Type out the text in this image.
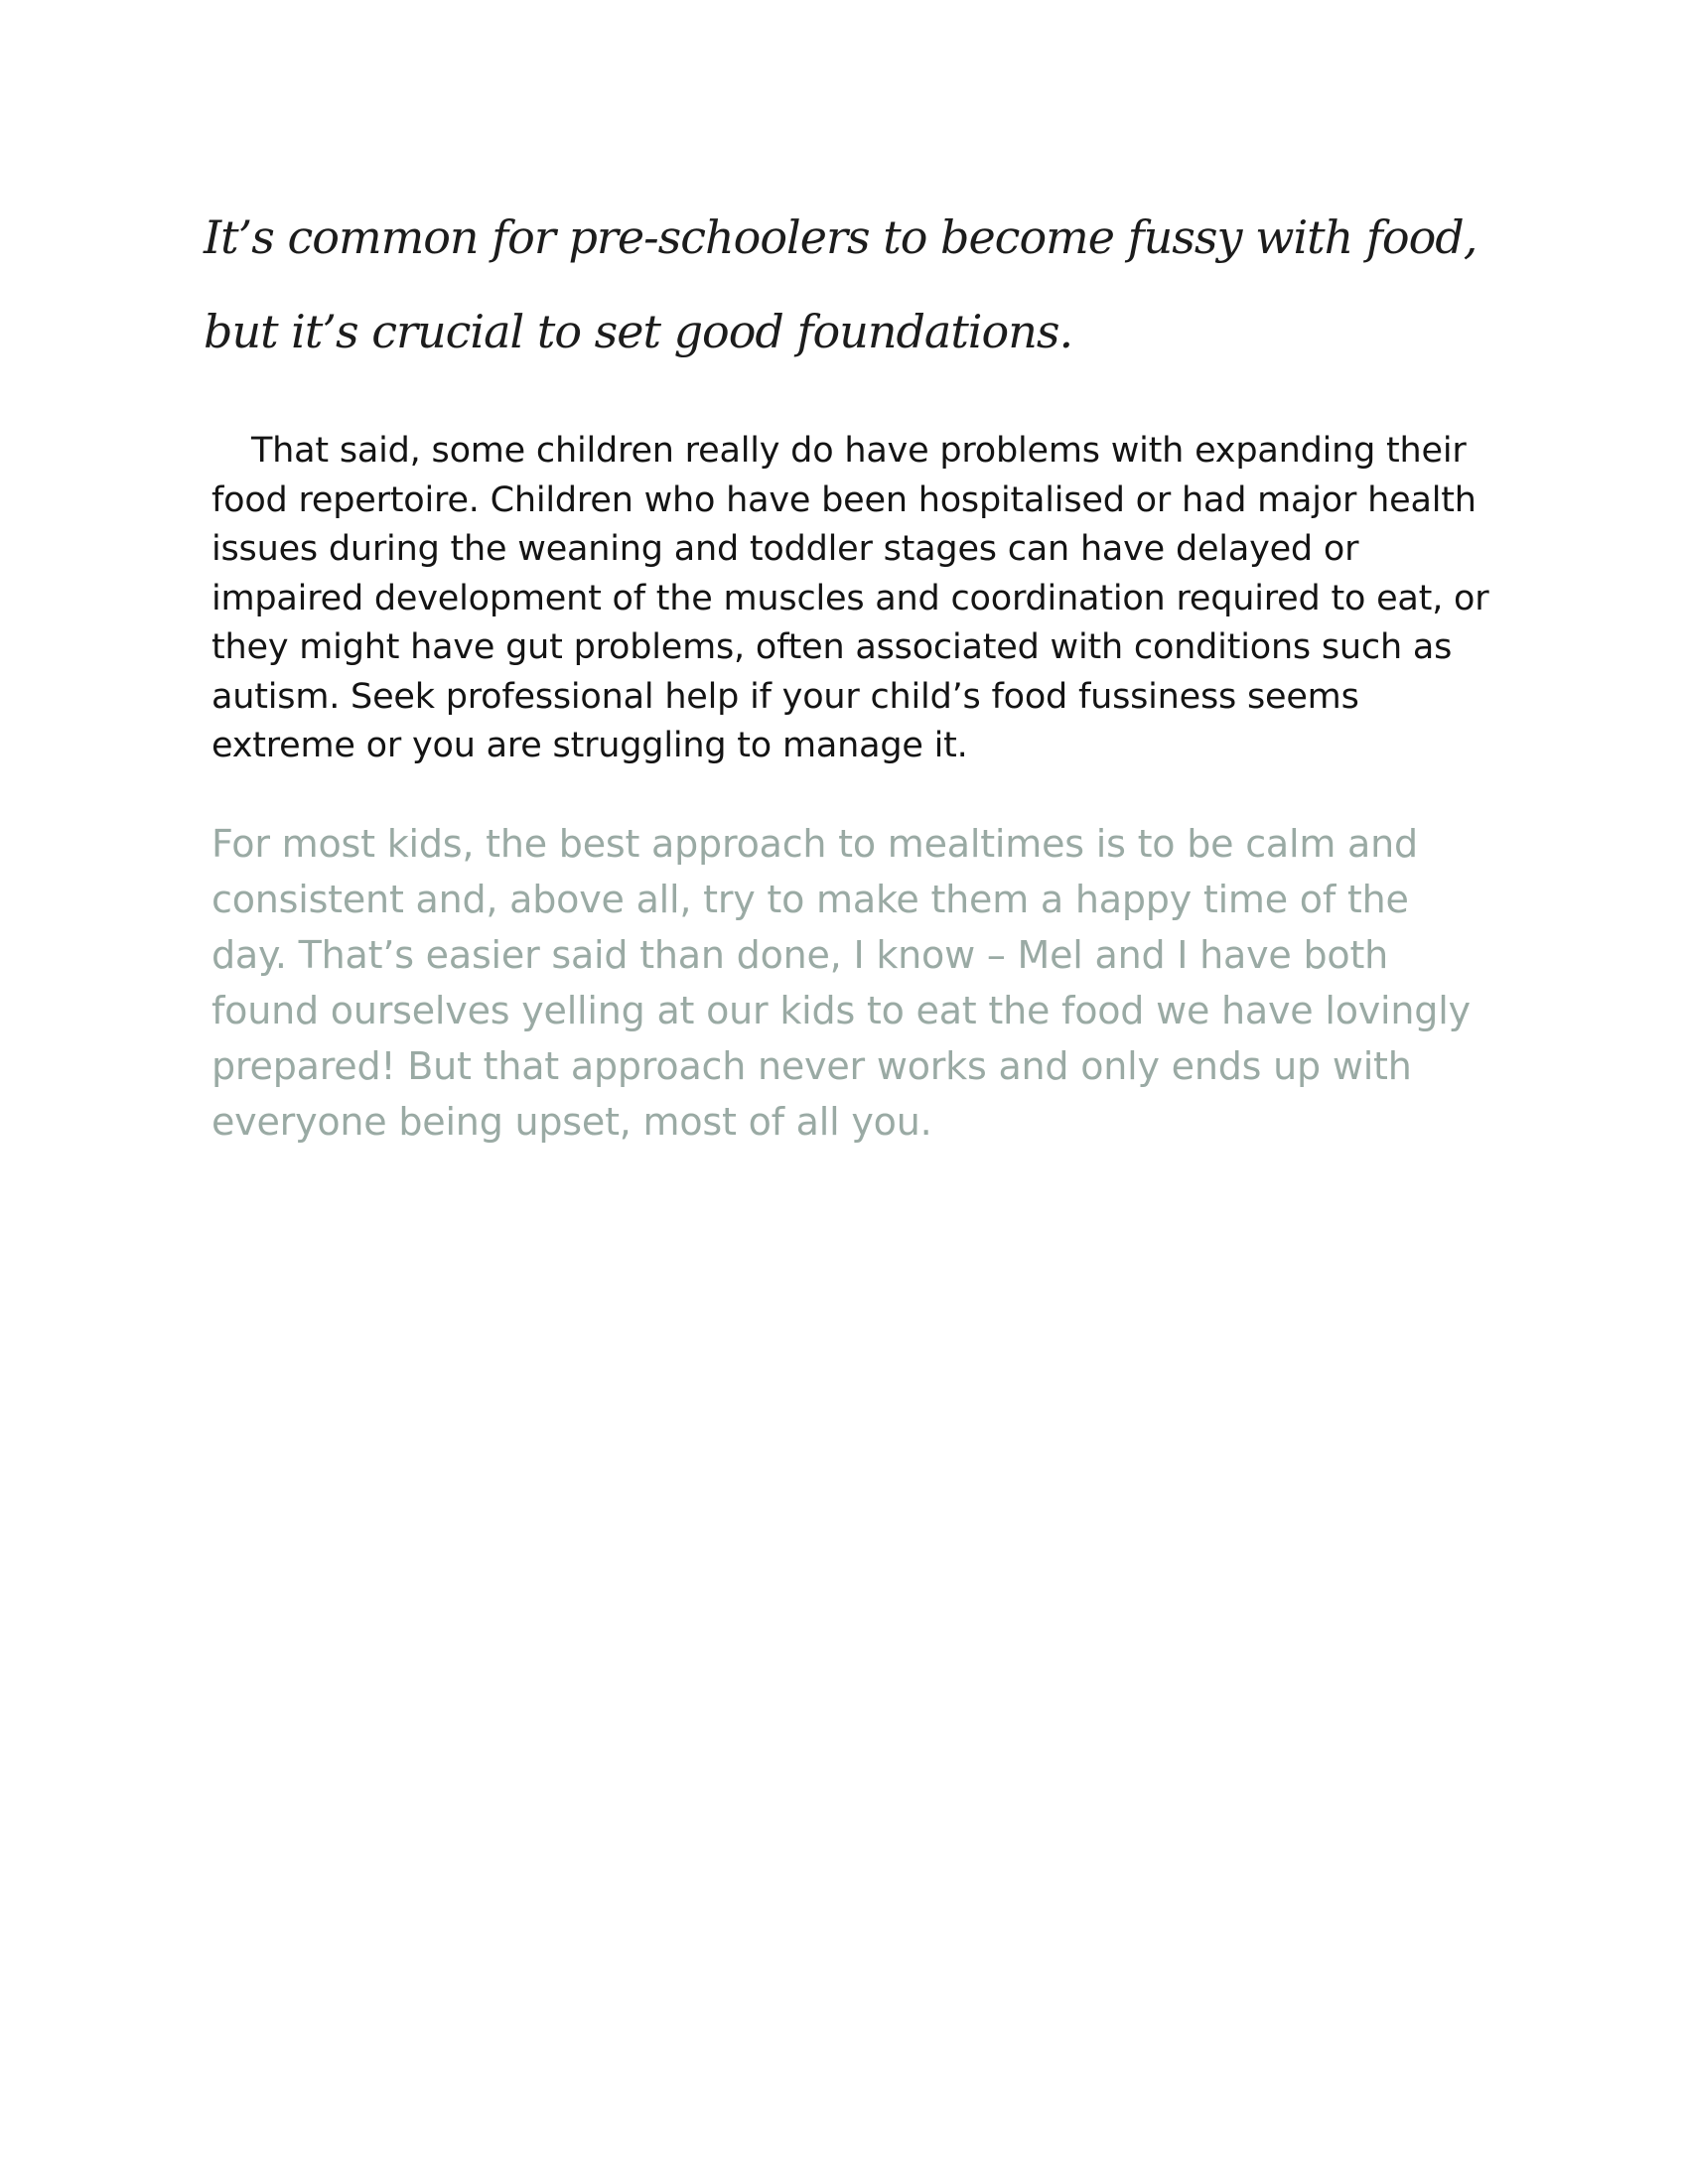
It’s common for pre-schoolers to become fussy with food, but it’s crucial to set good foundations.

That said, some children really do have problems with expanding their food repertoire. Children who have been hospitalised or had major health issues during the weaning and toddler stages can have delayed or impaired development of the muscles and coordination required to eat, or they might have gut problems, often associated with conditions such as autism. Seek professional help if your child’s food fussiness seems extreme or you are struggling to manage it.

For most kids, the best approach to mealtimes is to be calm and consistent and, above all, try to make them a happy time of the day. That’s easier said than done, I know – Mel and I have both found ourselves yelling at our kids to eat the food we have lovingly prepared! But that approach never works and only ends up with everyone being upset, most of all you.
